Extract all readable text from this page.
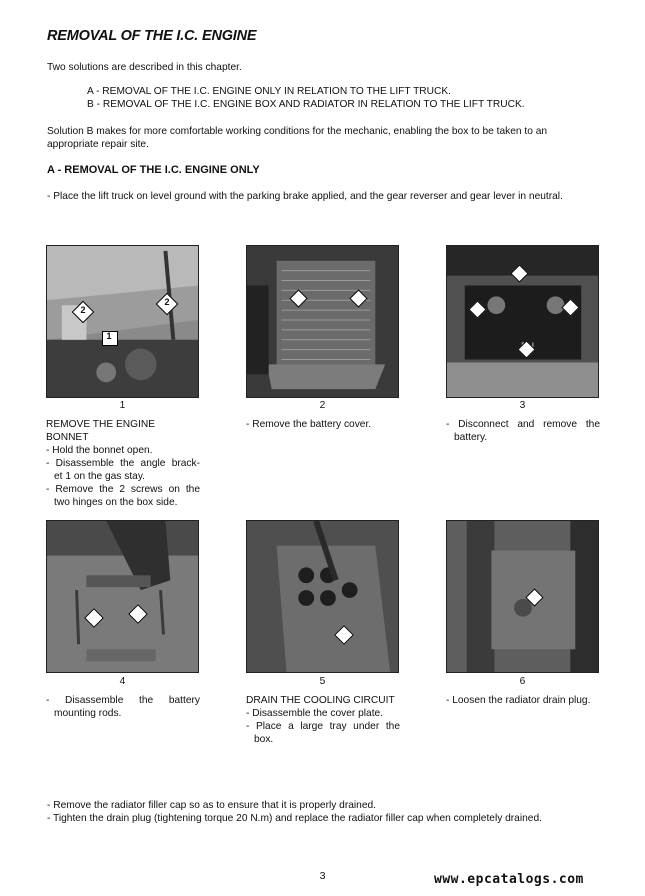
REMOVAL OF THE I.C. ENGINE
Two solutions are described in this chapter.
A - REMOVAL OF THE I.C. ENGINE ONLY IN RELATION TO THE LIFT TRUCK.
B - REMOVAL OF THE I.C. ENGINE BOX AND RADIATOR IN RELATION TO THE LIFT TRUCK.
Solution B makes for more comfortable working conditions for the mechanic, enabling the box to be taken to an
appropriate repair site.
A - REMOVAL OF THE I.C. ENGINE ONLY
- Place the lift truck on level ground with the parking brake applied, and the gear reverser and gear lever in neutral.
2
2
1
1	2	3
REMOVE THE ENGINE BONNET
- Hold the bonnet open.
- Disassemble the angle brack-
et 1 on the gas stay.
- Remove the 2 screws on the
two hinges on the box side.
- Remove the battery cover.	- Disconnect and remove the
battery.
4	5	6
- Disassemble the battery
mounting rods.
DRAIN THE COOLING CIRCUIT
- Disassemble the cover plate.
- Place a large tray under the
box.
- Loosen the radiator drain plug.
- Remove the radiator filler cap so as to ensure that it is properly drained.
- Tighten the drain plug (tightening torque 20 N.m) and replace the radiator filler cap when completely drained.
3	www.epcatalogs.com
